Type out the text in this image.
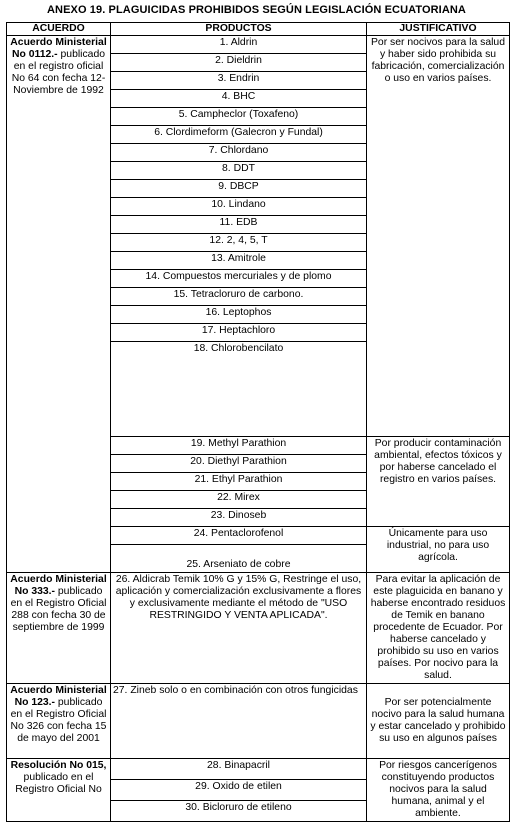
ANEXO 19. PLAGUICIDAS PROHIBIDOS SEGÚN LEGISLACIÓN ECUATORIANA
ACUERDO	PRODUCTOS	JUSTIFICATIVO
Acuerdo Ministerial No 0112.- publicado en el registro oficial No 64 con fecha 12-Noviembre de 1992	1. Aldrin	Por ser nocivos para la salud y haber sido prohibida su fabricación, comercialización o uso en varios países.
	2. Dieldrin	
	3. Endrin	
	4. BHC	
	5. Campheclor (Toxafeno)	
	6. Clordimeform (Galecron y Fundal)	
	7. Chlordano	
	8. DDT	
	9. DBCP	
	10. Lindano	
	11. EDB	
	12. 2, 4, 5, T	
	13. Amitrole	
	14. Compuestos mercuriales y de plomo	
	15. Tetracloruro de carbono.	
	16. Leptophos	
	17. Heptachloro	
	18. Chlorobencilato	
	19. Methyl Parathion	Por producir contaminación ambiental, efectos tóxicos y por haberse cancelado el registro en varios países.
	20. Diethyl Parathion	
	21. Ethyl Parathion	
	22. Mirex	
	23. Dinoseb	
	24. Pentaclorofenol	Únicamente para uso industrial, no para uso agrícola.
	25. Arseniato de cobre	
Acuerdo Ministerial No 333.- publicado en el Registro Oficial 288 con fecha 30 de septiembre de 1999	26. Aldicrab Temik 10% G y 15% G, Restringe el uso, aplicación y comercialización exclusivamente a flores y exclusivamente mediante el método de "USO RESTRINGIDO Y VENTA APLICADA".	Para evitar la aplicación de este plaguicida en banano y haberse encontrado residuos de Temik en banano procedente de Ecuador. Por haberse cancelado y prohibido su uso en varios países. Por nocivo para la salud.
Acuerdo Ministerial No 123.- publicado en el Registro Oficial No 326 con fecha 15 de mayo del 2001	27. Zineb solo o en combinación con otros fungicidas	Por ser potencialmente nocivo para la salud humana y estar cancelado y prohibido su uso en algunos países
Resolución No 015, publicado en el Registro Oficial No	28. Binapacril	Por riesgos cancerígenos constituyendo productos nocivos para la salud humana, animal y el ambiente.
	29. Oxido de etilen	
	30. Bicloruro de etileno	
